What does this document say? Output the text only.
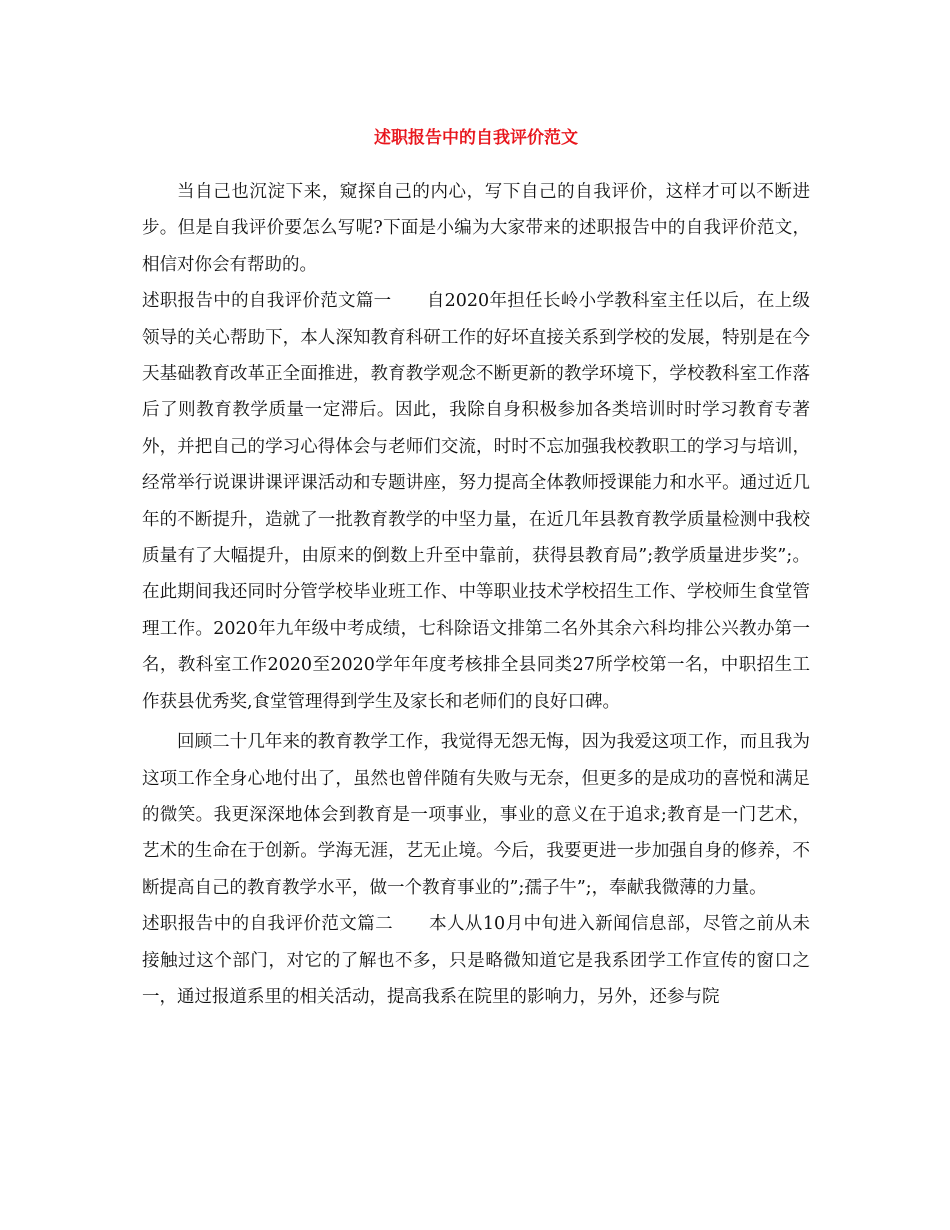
述职报告中的自我评价范文

当自己也沉淀下来，窥探自己的内心，写下自己的自我评价，这样才可以不断进步。但是自我评价要怎么写呢?下面是小编为大家带来的述职报告中的自我评价范文，相信对你会有帮助的。

述职报告中的自我评价范文篇一 自2020年担任长岭小学教科室主任以后，在上级领导的关心帮助下，本人深知教育科研工作的好坏直接关系到学校的发展，特别是在今天基础教育改革正全面推进，教育教学观念不断更新的教学环境下，学校教科室工作落后了则教育教学质量一定滞后。因此，我除自身积极参加各类培训时时学习教育专著外，并把自己的学习心得体会与老师们交流，时时不忘加强我校教职工的学习与培训，经常举行说课讲课评课活动和专题讲座，努力提高全体教师授课能力和水平。通过近几年的不断提升，造就了一批教育教学的中坚力量，在近几年县教育教学质量检测中我校质量有了大幅提升，由原来的倒数上升至中靠前，获得县教育局”;教学质量进步奖”;。在此期间我还同时分管学校毕业班工作、中等职业技术学校招生工作、学校师生食堂管理工作。2020年九年级中考成绩，七科除语文排第二名外其余六科均排公兴教办第一名，教科室工作2020至2020学年年度考核排全县同类27所学校第一名，中职招生工作获县优秀奖,食堂管理得到学生及家长和老师们的良好口碑。

回顾二十几年来的教育教学工作，我觉得无怨无悔，因为我爱这项工作，而且我为这项工作全身心地付出了，虽然也曾伴随有失败与无奈，但更多的是成功的喜悦和满足的微笑。我更深深地体会到教育是一项事业，事业的意义在于追求;教育是一门艺术，艺术的生命在于创新。学海无涯，艺无止境。今后，我要更进一步加强自身的修养，不断提高自己的教育教学水平，做一个教育事业的”;孺子牛”;，奉献我微薄的力量。

述职报告中的自我评价范文篇二 本人从10月中旬进入新闻信息部，尽管之前从未接触过这个部门，对它的了解也不多，只是略微知道它是我系团学工作宣传的窗口之一，通过报道系里的相关活动，提高我系在院里的影响力，另外，还参与院
